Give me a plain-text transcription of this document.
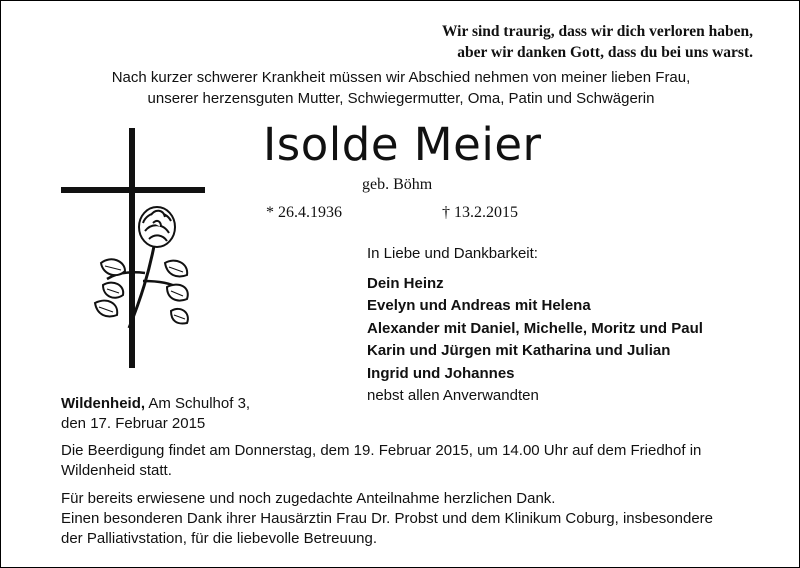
Wir sind traurig, dass wir dich verloren haben,
aber wir danken Gott, dass du bei uns warst.
Nach kurzer schwerer Krankheit müssen wir Abschied nehmen von meiner lieben Frau,
unserer herzensguten Mutter, Schwiegermutter, Oma, Patin und Schwägerin
Isolde Meier
geb. Böhm
* 26.4.1936	† 13.2.2015
In Liebe und Dankbarkeit:
Dein Heinz
Evelyn und Andreas mit Helena
Alexander mit Daniel, Michelle, Moritz und Paul
Karin und Jürgen mit Katharina und Julian
Ingrid und Johannes
nebst allen Anverwandten
Wildenheid, Am Schulhof 3,
den 17. Februar 2015
Die Beerdigung findet am Donnerstag, dem 19. Februar 2015, um 14.00 Uhr auf dem Friedhof in
Wildenheid statt.
Für bereits erwiesene und noch zugedachte Anteilnahme herzlichen Dank.
Einen besonderen Dank ihrer Hausärztin Frau Dr. Probst und dem Klinikum Coburg, insbesondere
der Palliativstation, für die liebevolle Betreuung.
